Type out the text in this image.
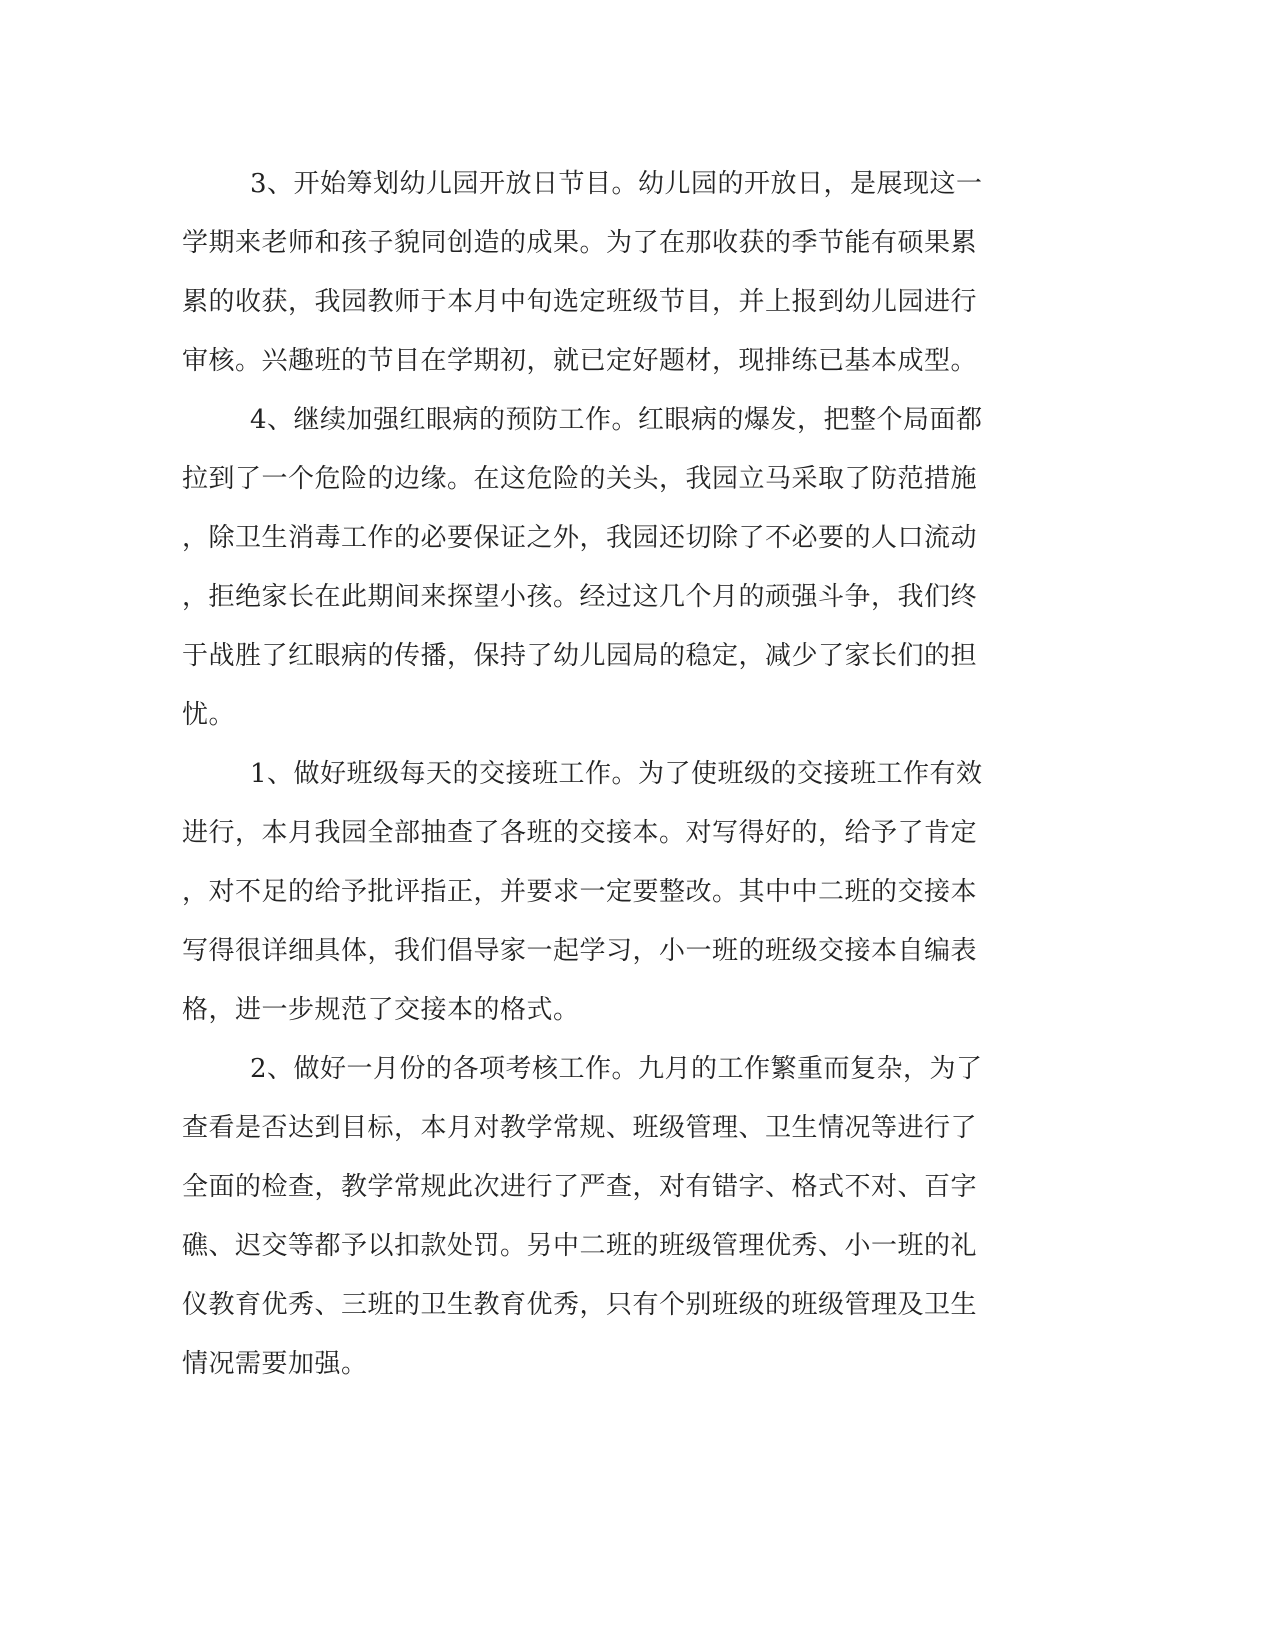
3、开始筹划幼儿园开放日节目。幼儿园的开放日，是展现这一
学期来老师和孩子貌同创造的成果。为了在那收获的季节能有硕果累
累的收获，我园教师于本月中旬选定班级节目，并上报到幼儿园进行
审核。兴趣班的节目在学期初，就已定好题材，现排练已基本成型。
4、继续加强红眼病的预防工作。红眼病的爆发，把整个局面都
拉到了一个危险的边缘。在这危险的关头，我园立马采取了防范措施
，除卫生消毒工作的必要保证之外，我园还切除了不必要的人口流动
，拒绝家长在此期间来探望小孩。经过这几个月的顽强斗争，我们终
于战胜了红眼病的传播，保持了幼儿园局的稳定，减少了家长们的担
忧。
1、做好班级每天的交接班工作。为了使班级的交接班工作有效
进行，本月我园全部抽查了各班的交接本。对写得好的，给予了肯定
，对不足的给予批评指正，并要求一定要整改。其中中二班的交接本
写得很详细具体，我们倡导家一起学习，小一班的班级交接本自编表
格，进一步规范了交接本的格式。
2、做好一月份的各项考核工作。九月的工作繁重而复杂，为了
查看是否达到目标，本月对教学常规、班级管理、卫生情况等进行了
全面的检查，教学常规此次进行了严查，对有错字、格式不对、百字
礁、迟交等都予以扣款处罚。另中二班的班级管理优秀、小一班的礼
仪教育优秀、三班的卫生教育优秀，只有个别班级的班级管理及卫生
情况需要加强。
